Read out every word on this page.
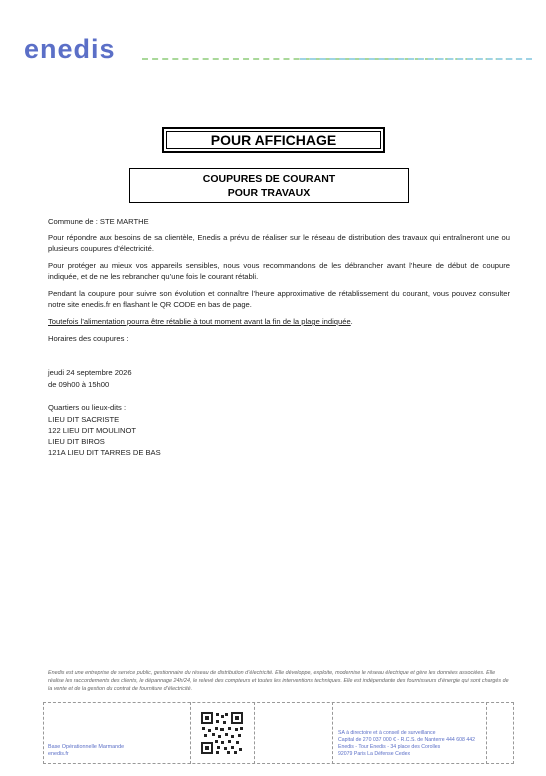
enedis
POUR AFFICHAGE
COUPURES DE COURANT
POUR TRAVAUX
Commune de : STE MARTHE

Pour répondre aux besoins de sa clientèle, Enedis a prévu de réaliser sur le réseau de distribution des travaux qui entraîneront une ou plusieurs coupures d’électricité.

Pour protéger au mieux vos appareils sensibles, nous vous recommandons de les débrancher avant l’heure de début de coupure indiquée, et de ne les rebrancher qu’une fois le courant rétabli.

Pendant la coupure pour suivre son évolution et connaître l’heure approximative de rétablissement du courant, vous pouvez consulter notre site enedis.fr en flashant le QR CODE en bas de page.

Toutefois l’alimentation pourra être rétablie à tout moment avant la fin de la plage indiquée.
Horaires des coupures :
jeudi 24 septembre 2026
de 09h00 à 15h00
Quartiers ou lieux-dits :
LIEU DIT SACRISTE
122 LIEU DIT MOULINOT
LIEU DIT BIROS
121A LIEU DIT TARRES DE BAS
Enedis est une entreprise de service public, gestionnaire du réseau de distribution d’électricité. Elle développe, exploite, modernise le réseau électrique et gère les données associées. Elle réalise les raccordements des clients, le dépannage 24h/24, le relevé des compteurs et toutes les interventions techniques. Elle est indépendante des fournisseurs d’énergie qui sont chargés de la vente et de la gestion du contrat de fourniture d’électricité.
Base Opérationnelle Marmande
enedis.fr
SA à directoire et à conseil de surveillance
Capital de 270 037 000 € - R.C.S. de Nanterre 444 608 442
Enedis - Tour Enedis - 34 place des Corolles
92079 Paris La Défense Cedex
